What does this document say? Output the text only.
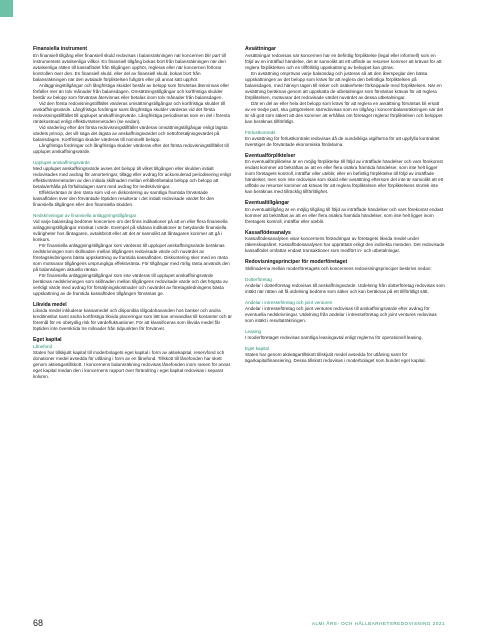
Finansiella instrument

En finansiell tillgång eller finansiell skuld redovisas i balansräkningen när koncernen blir part till instrumentets avtalsenliga villkor. En finansiell tillgång bokas bort från balansräkningen när den avtalsenliga rätten till kassaflödet från tillgången upphör, regleras eller när koncernen förlorar kontrollen över den. En finansiell skuld, eller del av finansiell skuld, bokas bort från balansräkningen när den avtalade förpliktelsen fullgörs eller på annat sätt upphör.

Anläggningstillgångar och långfristiga skulder består av belopp som förväntas återvinnas eller förfaller mer än tolv månader från balansdagen. Omsättningstillgångar och kortfristiga skulder består av belopp som förväntas återvinnas eller betalas inom tolv månader från balansdagen.

Vid den första redovisningstillfället värderas omsättningstillgångar och kortfristiga skulder till anskaffningsvärde. Långfristiga fordringar samt långfristiga skulder värderas vid det första redovisningstillfället till upplupet anskaffningsvärde. Långfristiga periodiseras som en del i förenta räntekostnad enligt effektivräntemetoden (se nedan).

Vid värdering efter det första redovisningstillfället värderas omsättningstillgångar enligt lägsta värdets princip, det vill säga det lägsta av anskaffningsvärdet och nettoförsäljningsvärdet på balansdagen. Kortfristiga skulder värderas till nominellt belopp.

Långfristiga fordringar och långfristiga skulder värderas efter det första redovisningstillfället till upplupet anskaffningsvärde.

Upplupet anskaffningsvärde

Med upplupet anskaffningsvärde avses det belopp till vilket tillgången eller skulden initialt redovisades med avdrag för amorteringar, tillägg eller avdrag för ackumulerad periodisering enligt effektivräntemetoden av den initiala skillnaden mellan erhållet/betalat belopp och belopp att betala/erhålla på förfallodagen samt med avdrag för nedskrivningar.

Effektivräntan är den ränta som vid en diskontering av samtliga framtida förväntade kassaflöden över den förväntade löptiden resulterar i det initialt redovisade värdet för den finansiella tillgången eller den finansiella skulden.

Nedskrivningar av finansiella anläggningstillgångar

Vid varje balansdag bedömer koncernen om det finns indikationer på att en eller flera finansiella anläggningstillgångar minskat i värde. Exempel på sådana indikationer är betydande finansiella svårigheter hos låntagaren, avtalsbrott eller att det är sannolikt att låntagaren kommer att gå i konkurs.

För finansiella anläggningstillgångar som värderas till upplupet anskaffningsvärde beräknas nedskrivningen som skillnaden mellan tillgångens redovisade värde och nuvärdet av företagsledningens bästa uppskattning av framtida kassaflöden. Diskontering sker med en ränta som motsvarar tillgångens ursprungliga effektivränta. För tillgångar med rörlig ränta används den på balansdagen aktuella räntan.

För finansiella anläggningstillgångar som inte värderas till upplupet anskaffningsvärde beräknas nedskrivningen som skillnaden mellan tillgångens redovisade värde och det högsta av verkligt värde med avdrag för försäljningskostnader och nuvärdet av företagsledningens bästa uppskattning av de framtida kassaflöden tillgången förväntas ge.

Likvida medel

Likvida medel inkluderar kassamedel och disponibla tillgodohavanden hos banker och andra kreditinstitut samt andra kortfristiga likvida placeringar som lätt kan omvandlas till kontanter och är föremål för en obetydlig risk för värdefluktuationer. För att klassificeras som likvida medel får löptiden inte överskrida tre månader från tidpunkten för förvärvet.

Eget kapital
Lånefond

Staten har tillskjutit kapital till moderbolagets eget kapital i form av aktiekapital, reservfond och donationer medel avsedda för utlåning i form av en lånefond. Tillskott till lånefonden har skett genom aktieägartillskott. I koncernens balansräkning redovisas lånefonden inom ramen för annat eget kapital medan den i koncernens rapport över förändring i eget kapital redovisas i separat kolumn.

Avsättningar

Avsättningar redovisas när koncernen har en befintlig förpliktelse (legal eller informell) som en följd av en inträffad händelse, det är sannolikt att ett utflöde av resurser kommer att krävas för att reglera förpliktelsen och en tillförlitlig uppskattning av beloppet kan göras.

En avsättning omprövas varje balansdag och justeras så att den återspeglar den bästa uppskattningen av det belopp som krävs för att reglera den befintliga förpliktelsen på balansdagen, med hänsyn tagen till risker och osäkerheter förknippade med förpliktelsen. När en avsättning beräknas genom att uppskatta de utbetalningar som förväntas krävas för att reglera förpliktelsen, motsvarar det redovisade värdet nuvärdet av dessa utbetalningar.

Där en del av eller hela det belopp som krävs för att reglera en avsättning förväntas bli ersatt av en tredje part, ska gottgörelsen särredovisas som en tillgång i koncernbalansräkningen när det är så gott som säkert att den kommer att erhållas om företaget reglerar förpliktelsen och beloppet kan beräknas tillförlitligt.

Förlustkontrakt

En avsättning för förlustkontrakt redovisas då de oundvikliga utgifterna för att uppfylla kontraktet överstiger de förväntade ekonomiska fördelarna.

Eventualförpliktelser

En eventualförpliktelse är en möjlig förpliktelse till följd av inträffade händelser och vars förekomst endast kommer att bekräftas av att en eller flera osäkra framtida händelser, som inte helt ligger inom företagets kontroll, inträffar eller uteblir, eller en befintlig förpliktelse till följd av inträffade händelser, men som inte redovisas som skuld eller avsättning eftersom det inte är sannolikt att ett utflöde av resurser kommer att krävas för att reglera förpliktelsen eller förpliktelsens storlek inte kan beräknas med tillräcklig tillförlitlighet.

Eventualtillgångar

En eventualtillgång är en möjlig tillgång till följd av inträffade händelser och vars förekomst endast kommer att bekräftas av att en eller flera osäkra framtida händelser, som inte helt ligger inom företagets kontroll, inträffar eller uteblir.

Kassaflödesanalys

Kassaflödesanalysen visar koncernens förändringar av företagets likvida medel under räkenskapsåret. Kassaflödesanalysen har upprättats enligt den indirekta metoden. Det redovisade kassaflödet omfattar endast transaktioner som medfört in- och utbetalningar.

Redovisningsprinciper för moderföretaget

Skillnaderna mellan moderföretagets och koncernens redovisningsprinciper beskrivs nedan:

Dotterföretag

Andelar i dotterföretag redovisas till anskaffningsvärde. Utdelning från dotterföretag redovisas som intäkt när rätten att få utdelning bedöms som säker och kan beräknas på ett tillförlitligt sätt.

Andelar i intresseföretag och joint ventures

Andelar i intresseföretag och joint ventures redovisas till anskaffningsvärde efter avdrag för eventuella nedskrivningar. Utdelning från andelar i intresseföretag och joint ventures redovisas som intäkt i resultaträkningen.

Leasing

I moderföretaget redovisas samtliga leasingavtal enligt reglerna för operationell leasing.

Eget kapital

Staten har genom aktieägartillskott tillskjutit medel avsedda för utlåning samt för ägarkapitalfinansiering. Dessa tillskott redovisas i moderbolaget som bundet eget kapital.

68	ALMI ÅRS- OCH HÅLLBARHETSREDOVISNING 2021
